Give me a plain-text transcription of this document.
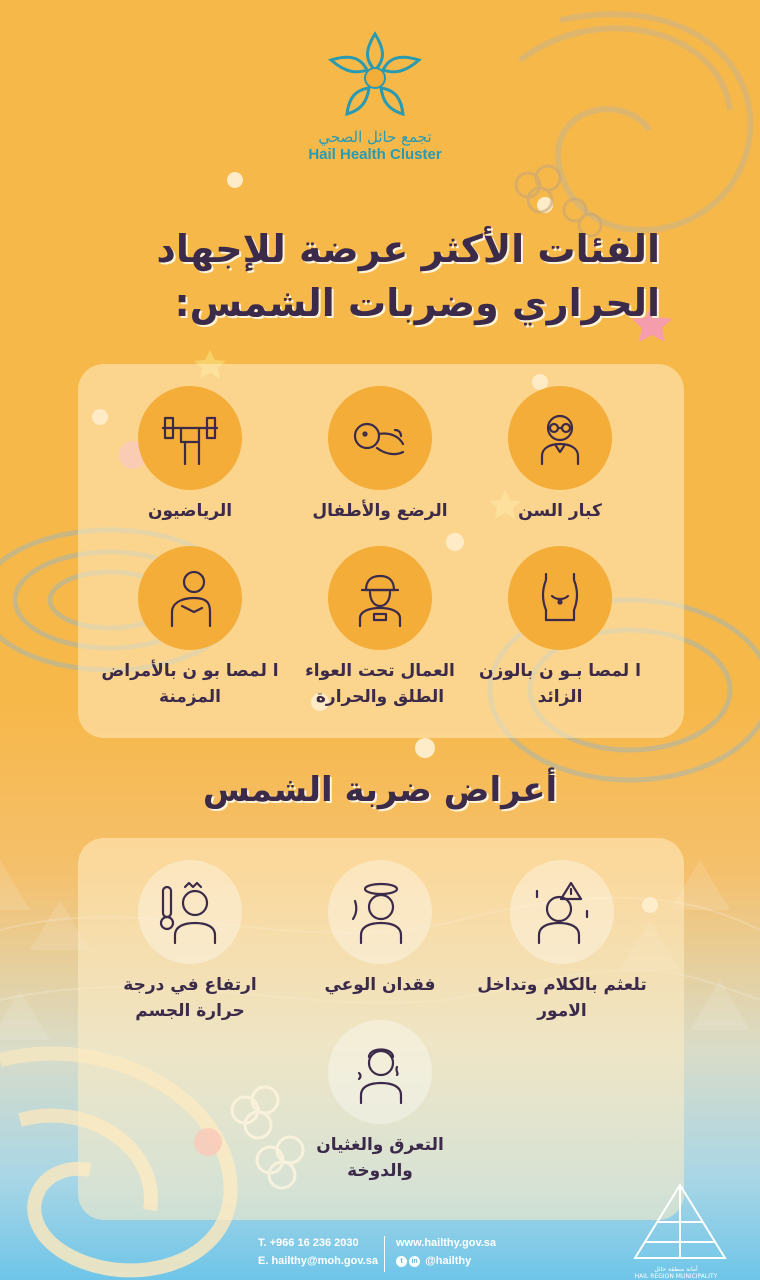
تجمع حائل الصحي
Hail Health Cluster
الفئات الأكثر عرضة للإجهاد الحراري وضربات الشمس:
كبار السن
الرضع والأطفال
الرياضيون
ا لمصا بـو ن بالوزن الزائد
العمال تحت العواء الطلق والحرارة
ا لمصا بو ن بالأمراض المزمنة
أعراض ضربة الشمس
تلعثم بالكلام وتداخل الامور
فقدان الوعي
ارتفاع في درجة حرارة الجسم
التعرق والغثيان والدوخة
T. +966 16 236 2030
E. hailthy@moh.gov.sa
www.hailthy.gov.sa
t in @hailthy
أمانة منطقة حائل
HAIL REGION MUNICIPALITY
